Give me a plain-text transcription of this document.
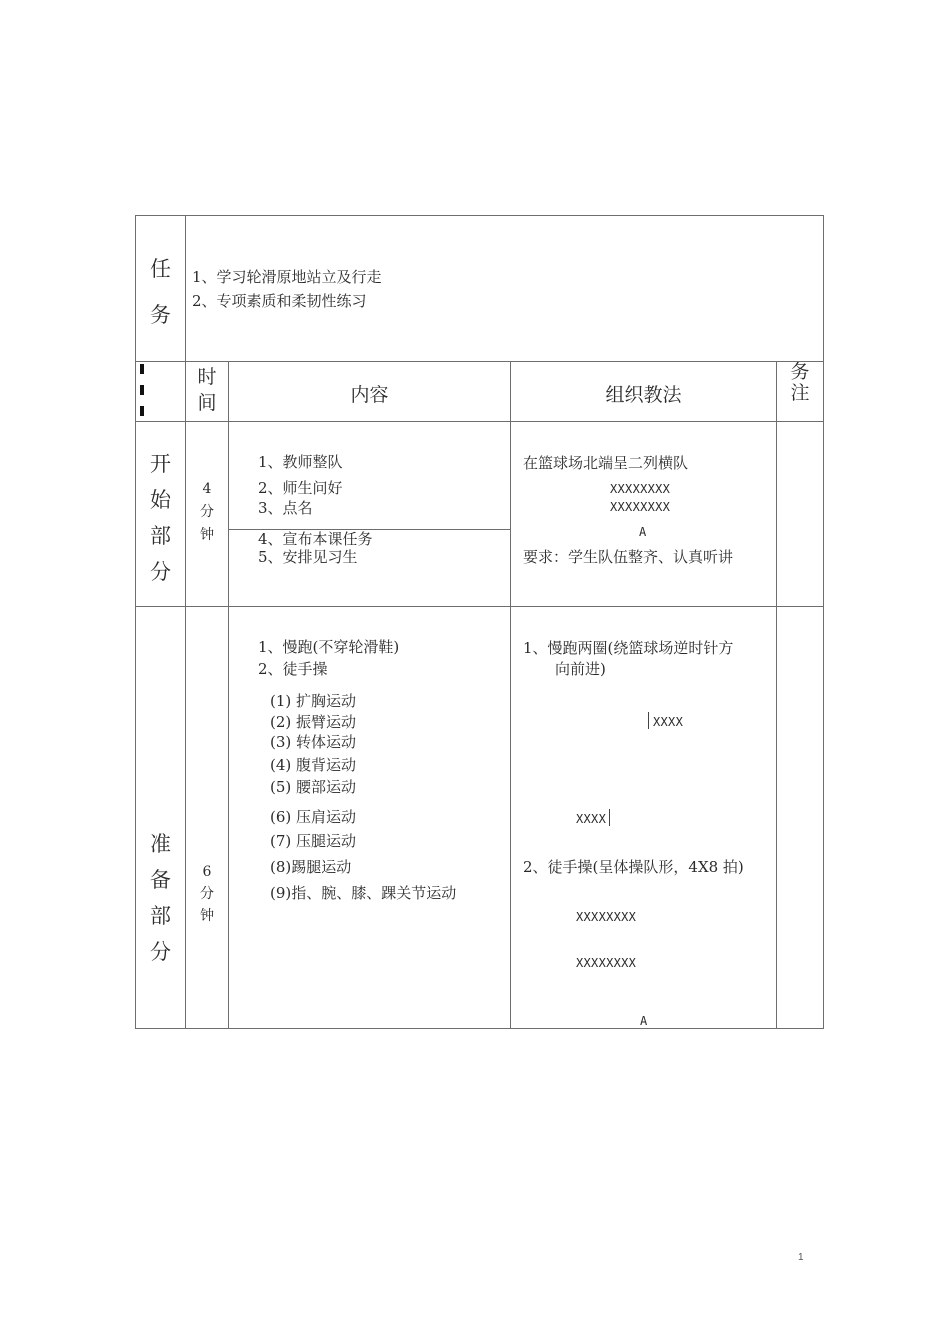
任
务
1、学习轮滑原地站立及行走
2、专项素质和柔韧性练习
时
间	内容	组织教法
务
注
开
始
部
分
4
分
钟
1、教师整队
2、师生问好
3、点名
4、宣布本课任务
5、安排见习生
在篮球场北端呈二列横队
XXXXXXXX
XXXXXXXX
A
要求：学生队伍整齐、认真听讲
准
备
部
分
6
分
钟
1、慢跑(不穿轮滑鞋)
2、徒手操
(1) 扩胸运动
(2) 振臂运动
(3) 转体运动
(4) 腹背运动
(5) 腰部运动
(6) 压肩运动
(7) 压腿运动
(8)踢腿运动
(9)指、腕、膝、踝关节运动
1、慢跑两圈(绕篮球场逆时针方
向前进)
XXXX
XXXX
2、徒手操(呈体操队形，4X8 拍)
XXXXXXXX
XXXXXXXX
A
1
